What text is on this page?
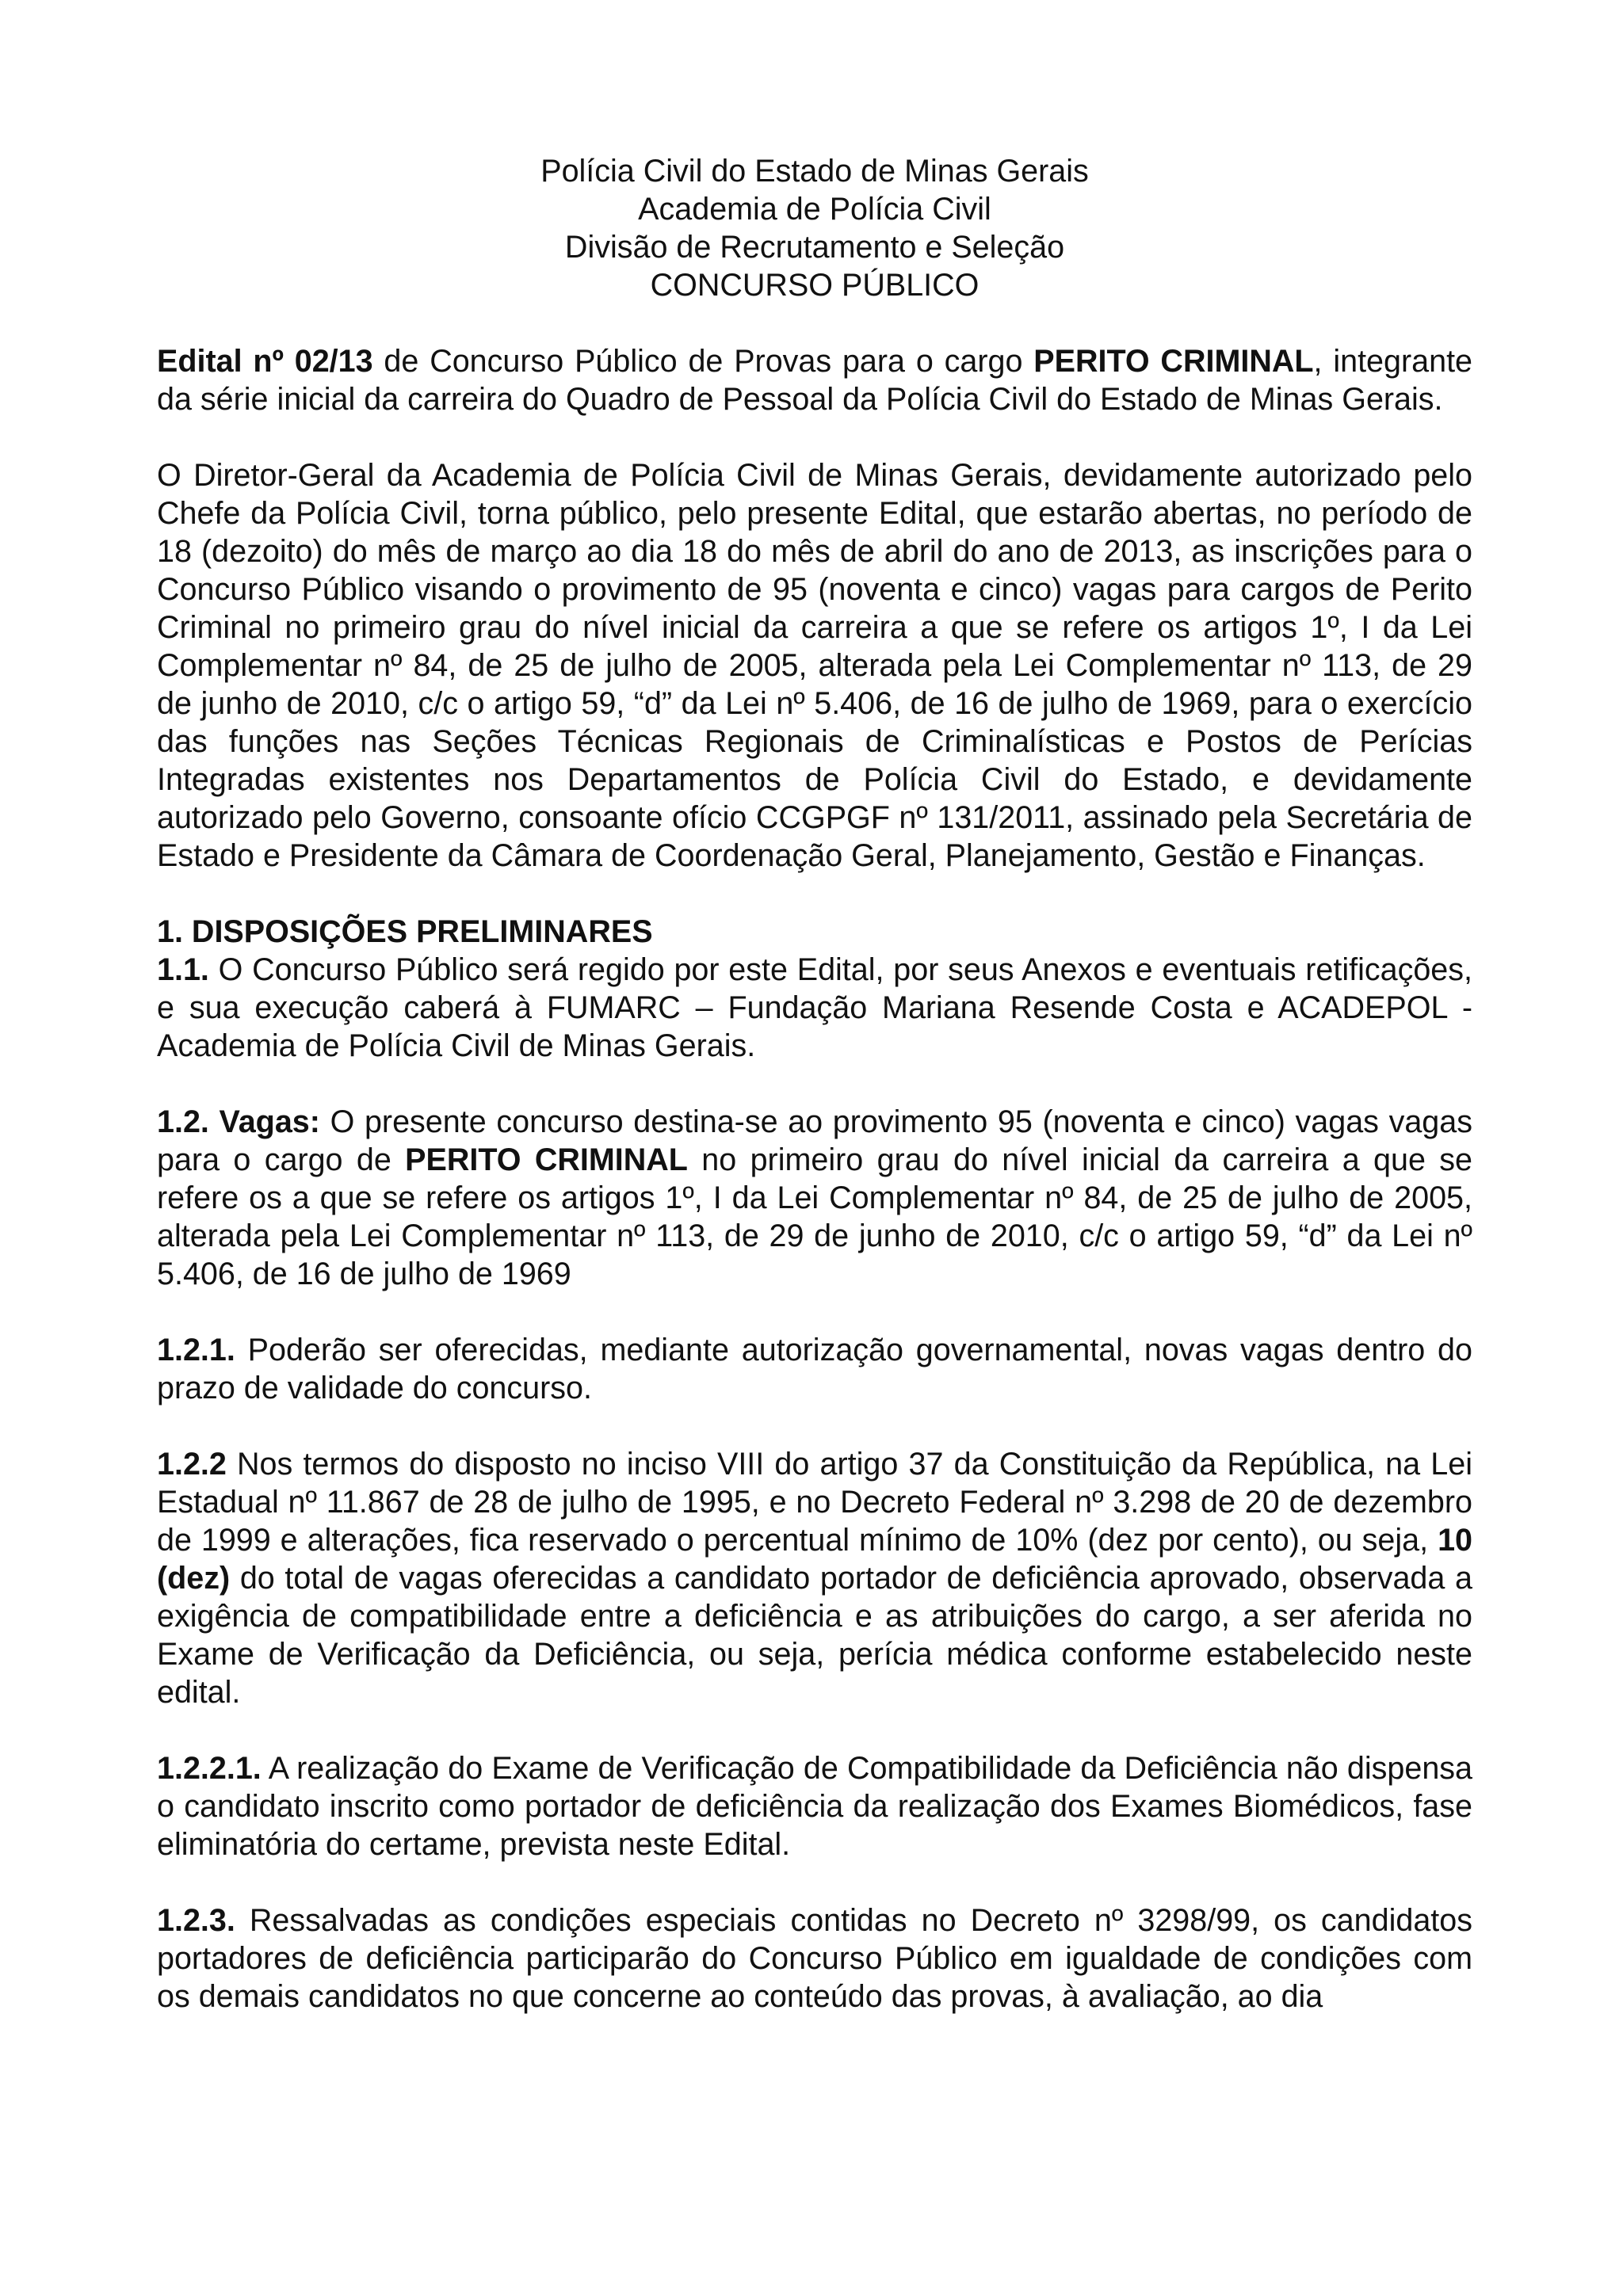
Polícia Civil do Estado de Minas Gerais
Academia de Polícia Civil
Divisão de Recrutamento e Seleção
CONCURSO PÚBLICO

Edital nº 02/13 de Concurso Público de Provas para o cargo PERITO CRIMINAL, integrante da série inicial da carreira do Quadro de Pessoal da Polícia Civil do Estado de Minas Gerais.

O Diretor-Geral da Academia de Polícia Civil de Minas Gerais, devidamente autorizado pelo Chefe da Polícia Civil, torna público, pelo presente Edital, que estarão abertas, no período de 18 (dezoito) do mês de março ao dia 18 do mês de abril do ano de 2013, as inscrições para o Concurso Público visando o provimento de 95 (noventa e cinco) vagas para cargos de Perito Criminal no primeiro grau do nível inicial da carreira a que se refere os artigos 1º, I da Lei Complementar nº 84, de 25 de julho de 2005, alterada pela Lei Complementar nº 113, de 29 de junho de 2010, c/c o artigo 59, “d” da Lei nº 5.406, de 16 de julho de 1969, para o exercício das funções nas Seções Técnicas Regionais de Criminalísticas e Postos de Perícias Integradas existentes nos Departamentos de Polícia Civil do Estado, e devidamente autorizado pelo Governo, consoante ofício CCGPGF nº 131/2011, assinado pela Secretária de Estado e Presidente da Câmara de Coordenação Geral, Planejamento, Gestão e Finanças.

1. DISPOSIÇÕES PRELIMINARES

1.1. O Concurso Público será regido por este Edital, por seus Anexos e eventuais retificações, e sua execução caberá à FUMARC – Fundação Mariana Resende Costa e ACADEPOL - Academia de Polícia Civil de Minas Gerais.

1.2. Vagas: O presente concurso destina-se ao provimento 95 (noventa e cinco) vagas vagas para o cargo de PERITO CRIMINAL no primeiro grau do nível inicial da carreira a que se refere os a que se refere os artigos 1º, I da Lei Complementar nº 84, de 25 de julho de 2005, alterada pela Lei Complementar nº 113, de 29 de junho de 2010, c/c o artigo 59, “d” da Lei nº 5.406, de 16 de julho de 1969

1.2.1. Poderão ser oferecidas, mediante autorização governamental, novas vagas dentro do prazo de validade do concurso.

1.2.2 Nos termos do disposto no inciso VIII do artigo 37 da Constituição da República, na Lei Estadual nº 11.867 de 28 de julho de 1995, e no Decreto Federal nº 3.298 de 20 de dezembro de 1999 e alterações, fica reservado o percentual mínimo de 10% (dez por cento), ou seja, 10 (dez) do total de vagas oferecidas a candidato portador de deficiência aprovado, observada a exigência de compatibilidade entre a deficiência e as atribuições do cargo, a ser aferida no Exame de Verificação da Deficiência, ou seja, perícia médica conforme estabelecido neste edital.

1.2.2.1. A realização do Exame de Verificação de Compatibilidade da Deficiência não dispensa o candidato inscrito como portador de deficiência da realização dos Exames Biomédicos, fase eliminatória do certame, prevista neste Edital.

1.2.3. Ressalvadas as condições especiais contidas no Decreto nº 3298/99, os candidatos portadores de deficiência participarão do Concurso Público em igualdade de condições com os demais candidatos no que concerne ao conteúdo das provas, à avaliação, ao dia
